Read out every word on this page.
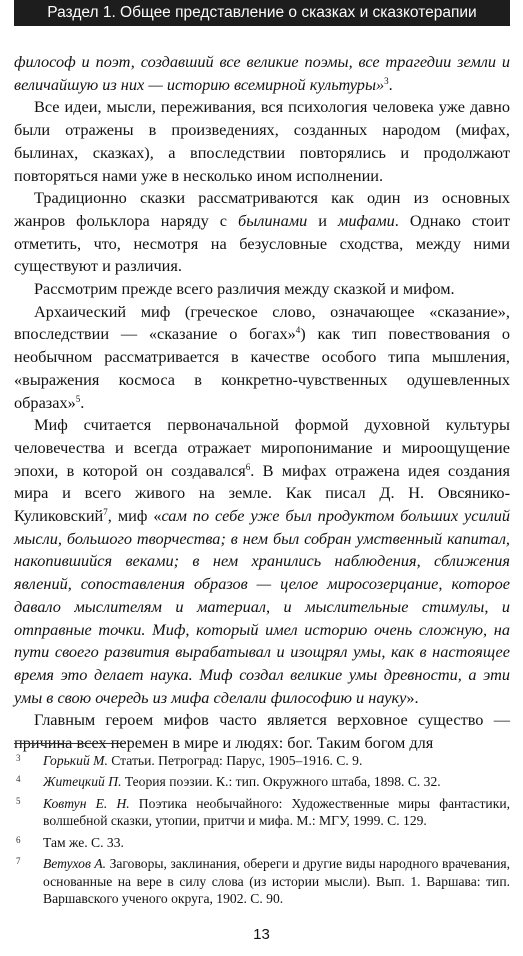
Раздел 1. Общее представление о сказках и сказкотерапии

философ и поэт, создавший все великие поэмы, все трагедии земли и величайшую из них — историю всемирной культуры»$^3$.

Все идеи, мысли, переживания, вся психология человека уже давно были отражены в произведениях, созданных народом (мифах, былинах, сказках), а впоследствии повторялись и продолжают повторяться нами уже в несколько ином исполнении.

Традиционно сказки рассматриваются как один из основных жанров фольклора наряду с былинами и мифами. Однако стоит отметить, что, несмотря на безусловные сходства, между ними существуют и различия.

Рассмотрим прежде всего различия между сказкой и мифом.

Архаический миф (греческое слово, означающее «сказание», впоследствии — «сказание о богах»$^4$) как тип повествования о необычном рассматривается в качестве особого типа мышления, «выражения космоса в конкретно-чувственных одушевленных образах»$^5$.

Миф считается первоначальной формой духовной культуры человечества и всегда отражает миропонимание и мироощущение эпохи, в которой он создавался$^6$. В мифах отражена идея создания мира и всего живого на земле. Как писал Д. Н. Овсянико-Куликовский$^7$, миф «сам по себе уже был продуктом больших усилий мысли, большого творчества; в нем был собран умственный капитал, накопившийся веками; в нем хранились наблюдения, сближения явлений, сопоставления образов — целое миросозерцание, которое давало мыслителям и материал, и мыслительные стимулы, и отправные точки. Миф, который имел историю очень сложную, на пути своего развития вырабатывал и изощрял умы, как в настоящее время это делает наука. Миф создал великие умы древности, а эти умы в свою очередь из мифа сделали философию и науку».

Главным героем мифов часто является верховное существо — причина всех перемен в мире и людях: бог. Таким богом для

3	Горький М. Статьи. Петроград: Парус, 1905–1916. С. 9.
4	Житецкий П. Теория поэзии. К.: тип. Окружного штаба, 1898. С. 32.
5	Ковтун Е. Н. Поэтика необычайного: Художественные миры фантастики, волшебной сказки, утопии, притчи и мифа. М.: МГУ, 1999. С. 129.
6	Там же. С. 33.
7	Ветухов А. Заговоры, заклинания, обереги и другие виды народного врачевания, основанные на вере в силу слова (из истории мысли). Вып. 1. Варшава: тип. Варшавского ученого округа, 1902. С. 90.
13
